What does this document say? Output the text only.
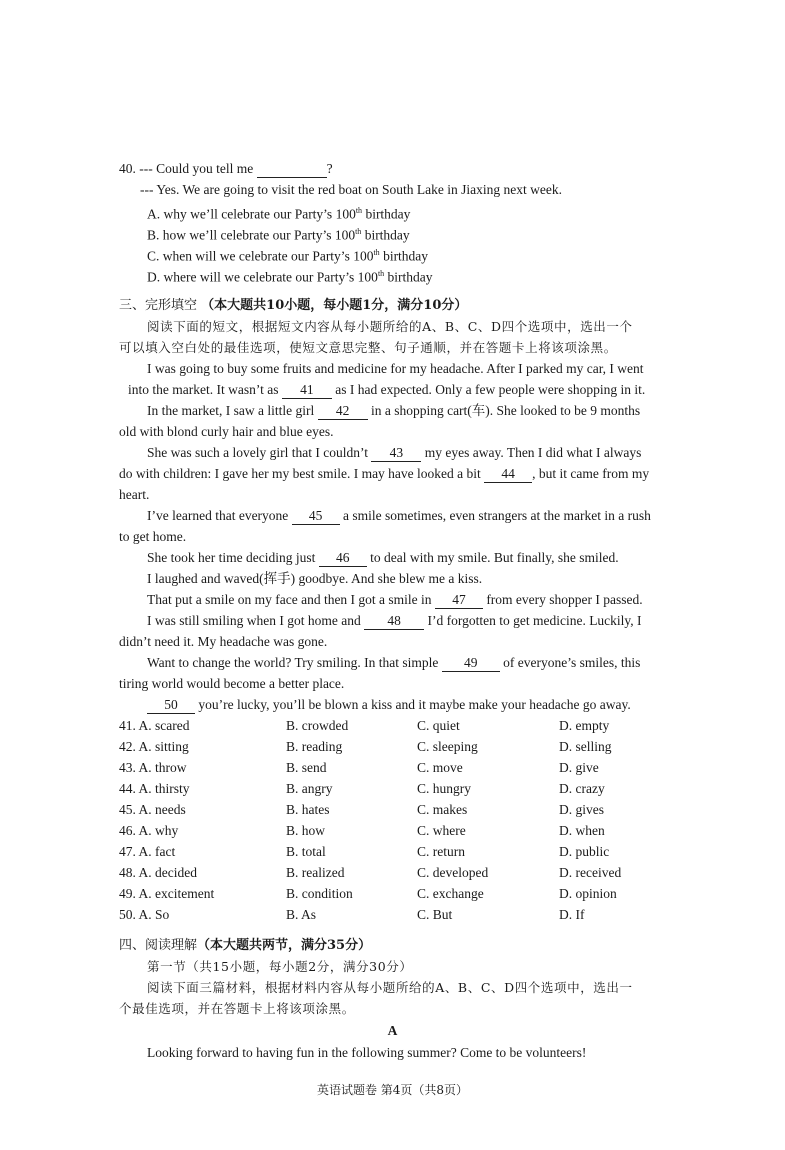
40. --- Could you tell me	?
--- Yes. We are going to visit the red boat on South Lake in Jiaxing next week.
A. why we’ll celebrate our Party’s 100th birthday
B. how we’ll celebrate our Party’s 100th birthday
C. when will we celebrate our Party’s 100th birthday
D. where will we celebrate our Party’s 100th birthday
三、完形填空 （本大题共10小题，每小题1分，满分10分）
阅读下面的短文，根据短文内容从每小题所给的A、B、C、D四个选项中，选出一个
可以填入空白处的最佳选项，使短文意思完整、句子通顺，并在答题卡上将该项涂黑。
I was going to buy some fruits and medicine for my headache. After I parked my car, I went
into the market. It wasn’t as 41 as I had expected. Only a few people were shopping in it.
In the market, I saw a little girl 42 in a shopping cart(车). She looked to be 9 months
old with blond curly hair and blue eyes.
She was such a lovely girl that I couldn’t 43 my eyes away. Then I did what I always
do with children: I gave her my best smile. I may have looked a bit 44 , but it came from my
heart.
I’ve learned that everyone 45 a smile sometimes, even strangers at the market in a rush
to get home.
She took her time deciding just 46 to deal with my smile. But finally, she smiled.
I laughed and waved(挥手) goodbye. And she blew me a kiss.
That put a smile on my face and then I got a smile in 47 from every shopper I passed.
I was still smiling when I got home and 48 I’d forgotten to get medicine. Luckily, I
didn’t need it. My headache was gone.
Want to change the world? Try smiling. In that simple 49 of everyone’s smiles, this
tiring world would become a better place.
50 you’re lucky, you’ll be blown a kiss and it maybe make your headache go away.
41. A. scared	B. crowded	C. quiet	D. empty
42. A. sitting	B. reading	C. sleeping	D. selling
43. A. throw	B. send	C. move	D. give
44. A. thirsty	B. angry	C. hungry	D. crazy
45. A. needs	B. hates	C. makes	D. gives
46. A. why	B. how	C. where	D. when
47. A. fact	B. total	C. return	D. public
48. A. decided	B. realized	C. developed	D. received
49. A. excitement	B. condition	C. exchange	D. opinion
50. A. So	B. As	C. But	D. If
四、阅读理解（本大题共两节，满分35分）
第一节（共15小题，每小题2分，满分30分）
阅读下面三篇材料，根据材料内容从每小题所给的A、B、C、D四个选项中，选出一
个最佳选项，并在答题卡上将该项涂黑。
A
Looking forward to having fun in the following summer? Come to be volunteers!
英语试题卷 第4页（共8页）
